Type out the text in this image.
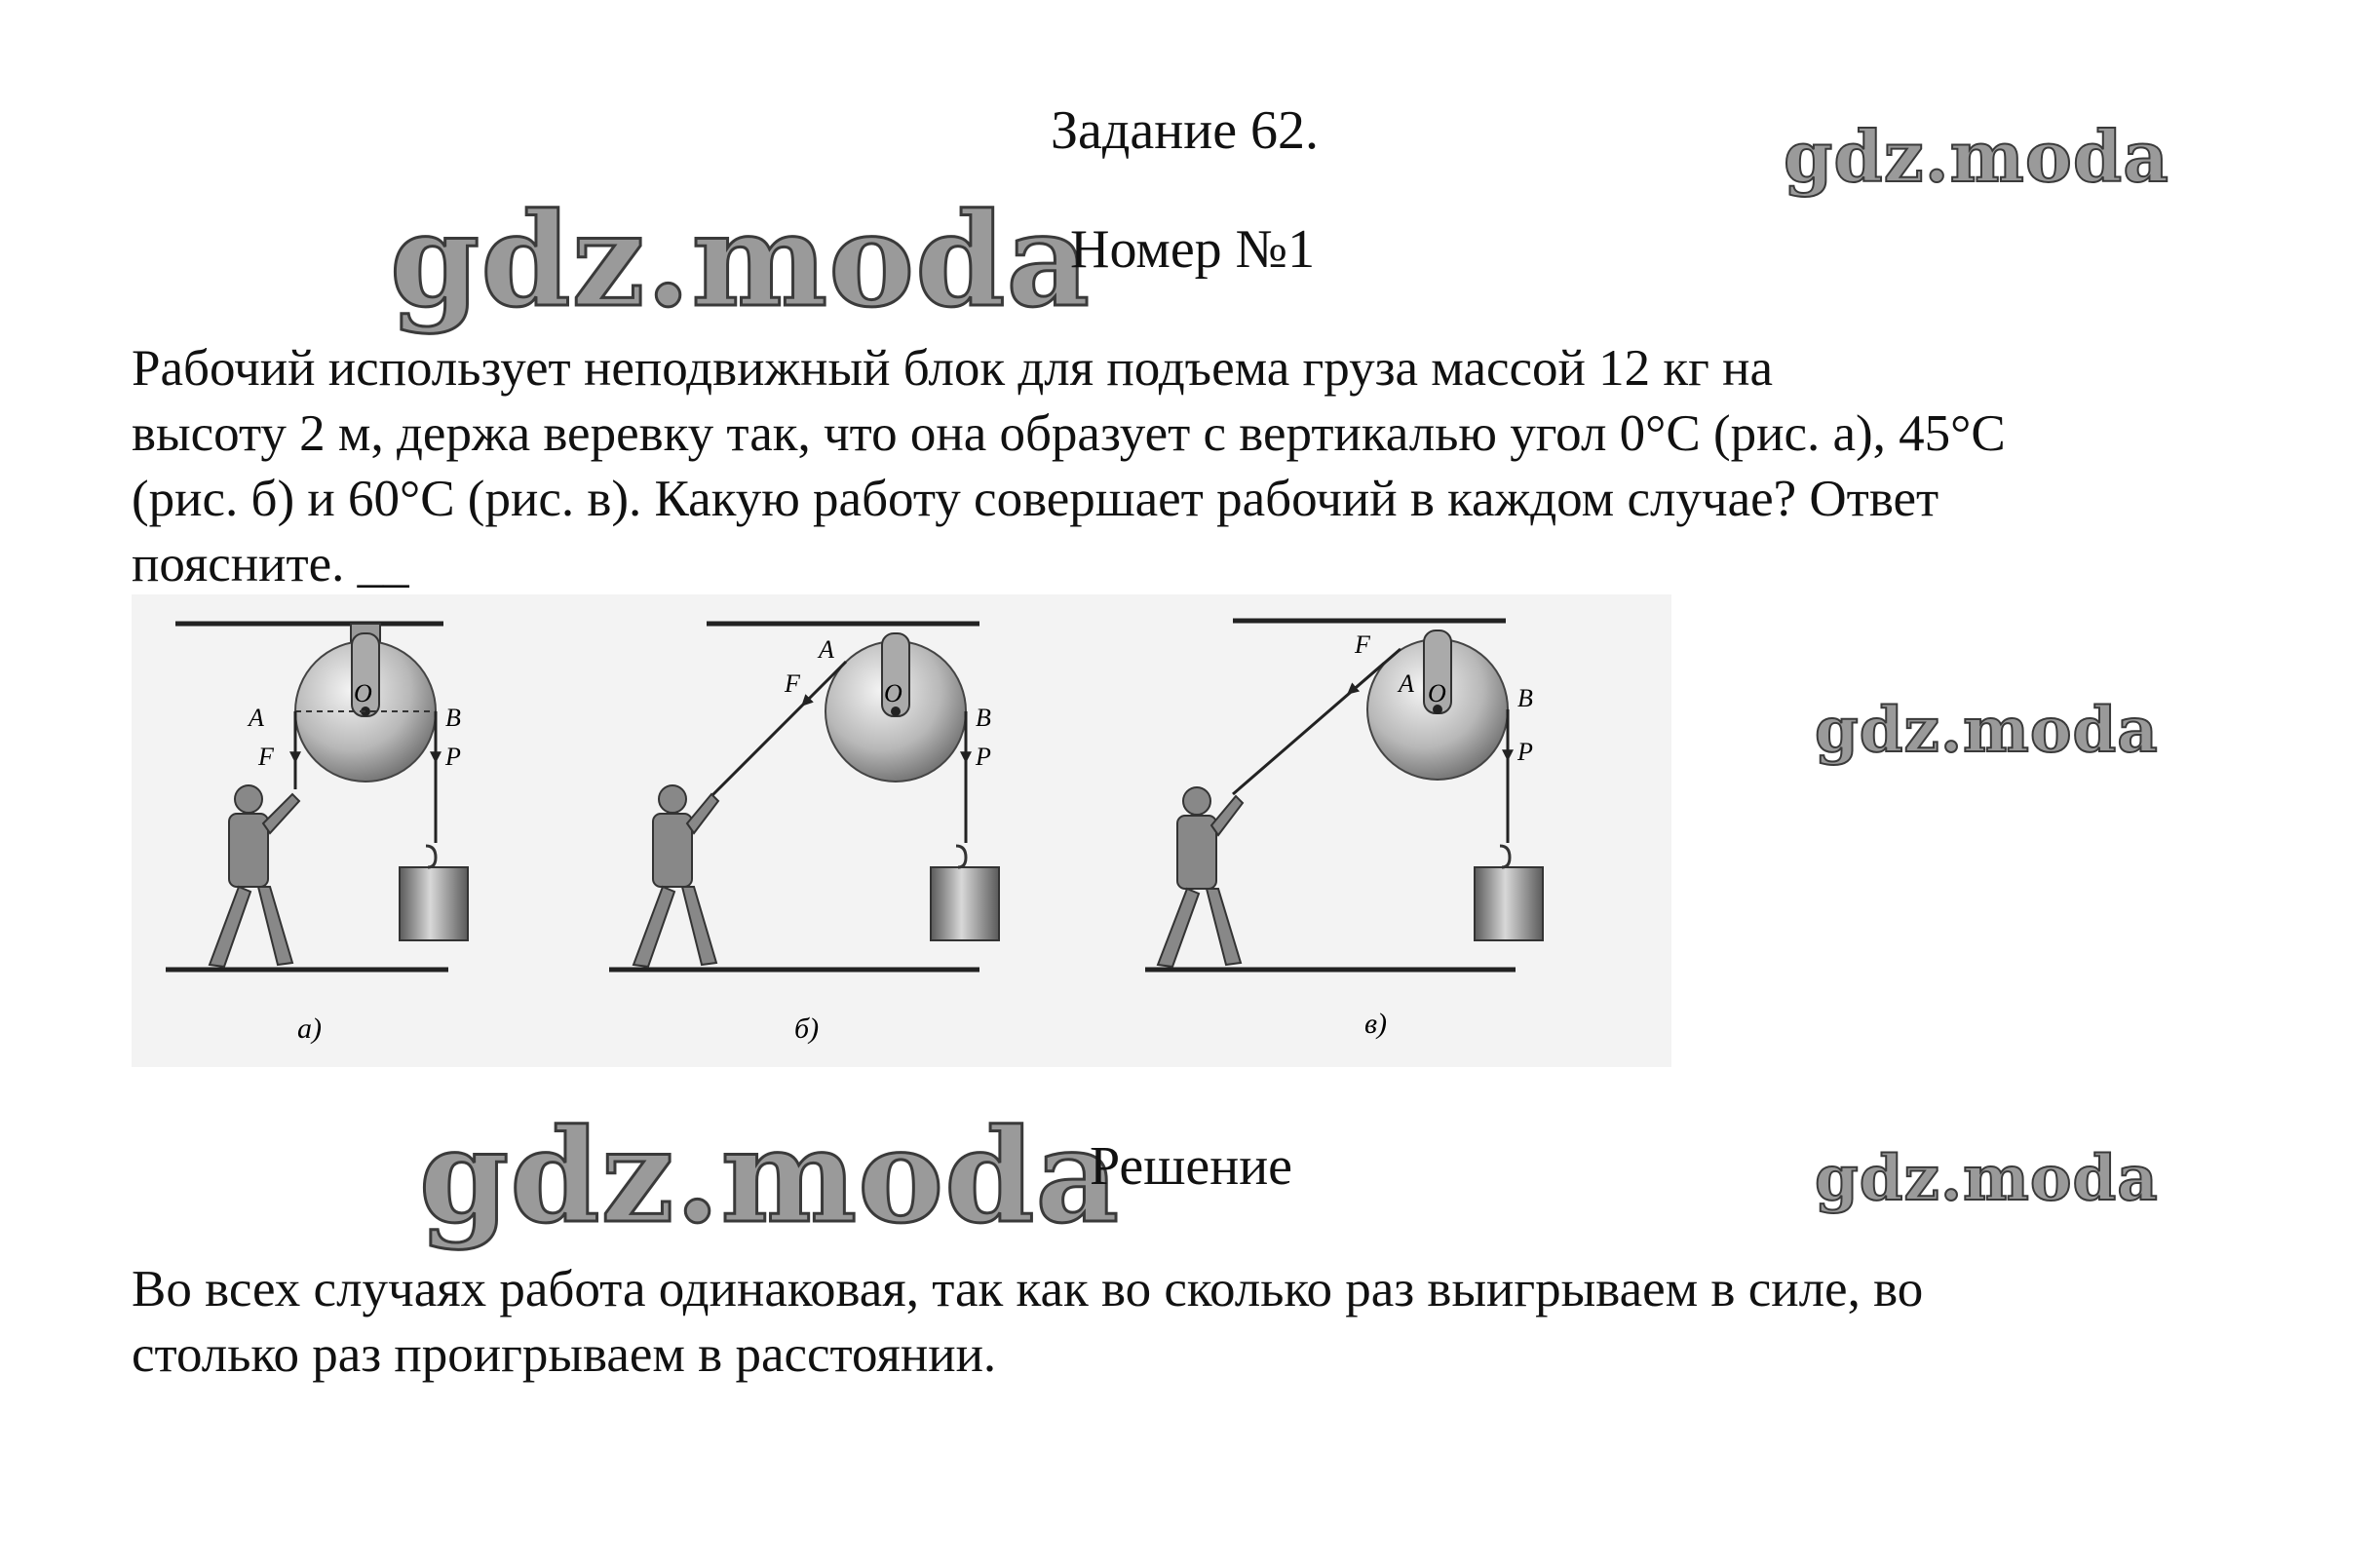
gdz.moda
gdz.moda
gdz.moda
gdz.moda	gdz.moda
Задание 62.
Номер №1
Рабочий использует неподвижный блок для подъема груза массой 12 кг на
высоту 2 м, держа веревку так, что она образует с вертикалью угол 0°С (рис. а), 45°С
(рис. б) и 60°С (рис. в). Какую работу совершает рабочий в каждом случае? Ответ
поясните. __
A	B
O
F	P
а)
A
B
O
F
P
б)
A
B
O
F
P
в)
Решение
Во всех случаях работа одинаковая, так как во сколько раз выигрываем в силе, во
столько раз проигрываем в расстоянии.
